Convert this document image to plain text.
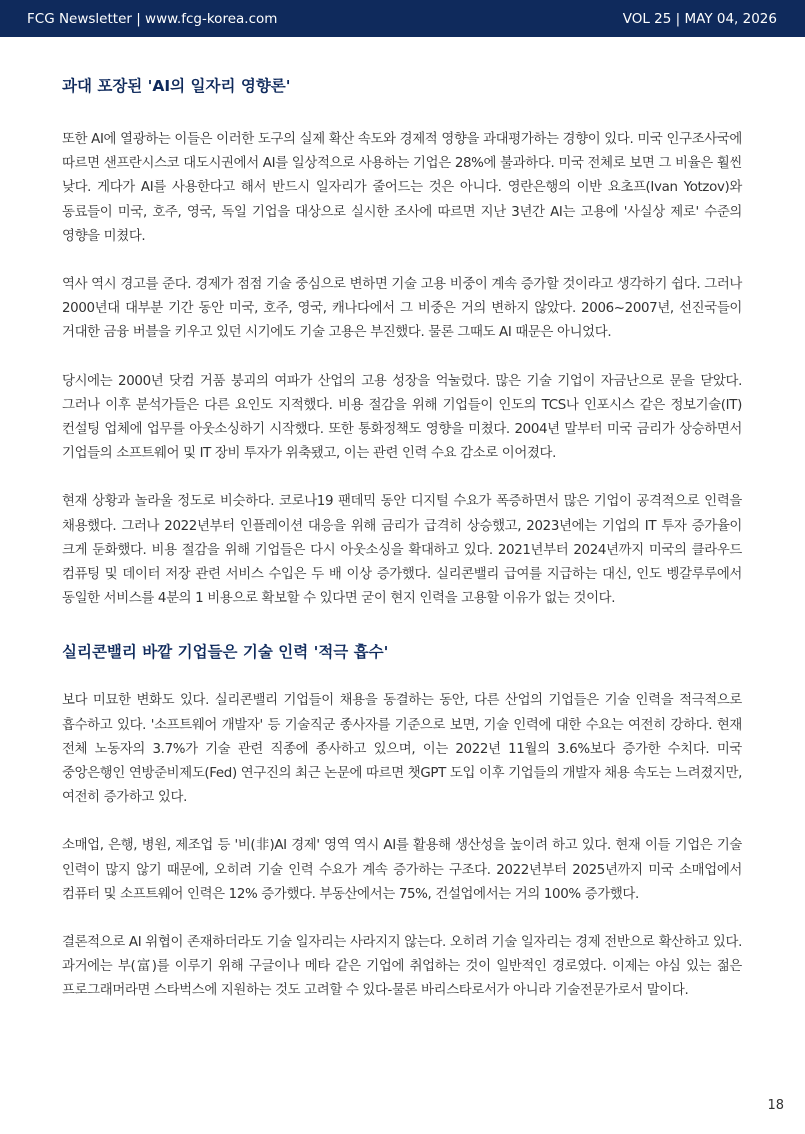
FCG Newsletter | www.fcg-korea.com	VOL 25 | MAY 04, 2026
과대 포장된 'AI의 일자리 영향론'

또한 AI에 열광하는 이들은 이러한 도구의 실제 확산 속도와 경제적 영향을 과대평가하는 경향이 있다. 미국 인구조사국에 따르면 샌프란시스코 대도시권에서 AI를 일상적으로 사용하는 기업은 28%에 불과하다. 미국 전체로 보면 그 비율은 훨씬 낮다. 게다가 AI를 사용한다고 해서 반드시 일자리가 줄어드는 것은 아니다. 영란은행의 이반 요초프(Ivan Yotzov)와 동료들이 미국, 호주, 영국, 독일 기업을 대상으로 실시한 조사에 따르면 지난 3년간 AI는 고용에 '사실상 제로' 수준의 영향을 미쳤다.

역사 역시 경고를 준다. 경제가 점점 기술 중심으로 변하면 기술 고용 비중이 계속 증가할 것이라고 생각하기 쉽다. 그러나 2000년대 대부분 기간 동안 미국, 호주, 영국, 캐나다에서 그 비중은 거의 변하지 않았다. 2006~2007년, 선진국들이 거대한 금융 버블을 키우고 있던 시기에도 기술 고용은 부진했다. 물론 그때도 AI 때문은 아니었다.

당시에는 2000년 닷컴 거품 붕괴의 여파가 산업의 고용 성장을 억눌렀다. 많은 기술 기업이 자금난으로 문을 닫았다. 그러나 이후 분석가들은 다른 요인도 지적했다. 비용 절감을 위해 기업들이 인도의 TCS나 인포시스 같은 정보기술(IT) 컨설팅 업체에 업무를 아웃소싱하기 시작했다. 또한 통화정책도 영향을 미쳤다. 2004년 말부터 미국 금리가 상승하면서 기업들의 소프트웨어 및 IT 장비 투자가 위축됐고, 이는 관련 인력 수요 감소로 이어졌다.

현재 상황과 놀라울 정도로 비슷하다. 코로나19 팬데믹 동안 디지털 수요가 폭증하면서 많은 기업이 공격적으로 인력을 채용했다. 그러나 2022년부터 인플레이션 대응을 위해 금리가 급격히 상승했고, 2023년에는 기업의 IT 투자 증가율이 크게 둔화했다. 비용 절감을 위해 기업들은 다시 아웃소싱을 확대하고 있다. 2021년부터 2024년까지 미국의 클라우드 컴퓨팅 및 데이터 저장 관련 서비스 수입은 두 배 이상 증가했다. 실리콘밸리 급여를 지급하는 대신, 인도 벵갈루루에서 동일한 서비스를 4분의 1 비용으로 확보할 수 있다면 굳이 현지 인력을 고용할 이유가 없는 것이다.

실리콘밸리 바깥 기업들은 기술 인력 '적극 흡수'

보다 미묘한 변화도 있다. 실리콘밸리 기업들이 채용을 동결하는 동안, 다른 산업의 기업들은 기술 인력을 적극적으로 흡수하고 있다. '소프트웨어 개발자' 등 기술직군 종사자를 기준으로 보면, 기술 인력에 대한 수요는 여전히 강하다. 현재 전체 노동자의 3.7%가 기술 관련 직종에 종사하고 있으며, 이는 2022년 11월의 3.6%보다 증가한 수치다. 미국 중앙은행인 연방준비제도(Fed) 연구진의 최근 논문에 따르면 챗GPT 도입 이후 기업들의 개발자 채용 속도는 느려졌지만, 여전히 증가하고 있다.

소매업, 은행, 병원, 제조업 등 '비(非)AI 경제' 영역 역시 AI를 활용해 생산성을 높이려 하고 있다. 현재 이들 기업은 기술 인력이 많지 않기 때문에, 오히려 기술 인력 수요가 계속 증가하는 구조다. 2022년부터 2025년까지 미국 소매업에서 컴퓨터 및 소프트웨어 인력은 12% 증가했다. 부동산에서는 75%, 건설업에서는 거의 100% 증가했다.

결론적으로 AI 위협이 존재하더라도 기술 일자리는 사라지지 않는다. 오히려 기술 일자리는 경제 전반으로 확산하고 있다. 과거에는 부(富)를 이루기 위해 구글이나 메타 같은 기업에 취업하는 것이 일반적인 경로였다. 이제는 야심 있는 젊은 프로그래머라면 스타벅스에 지원하는 것도 고려할 수 있다-물론 바리스타로서가 아니라 기술전문가로서 말이다.

18
